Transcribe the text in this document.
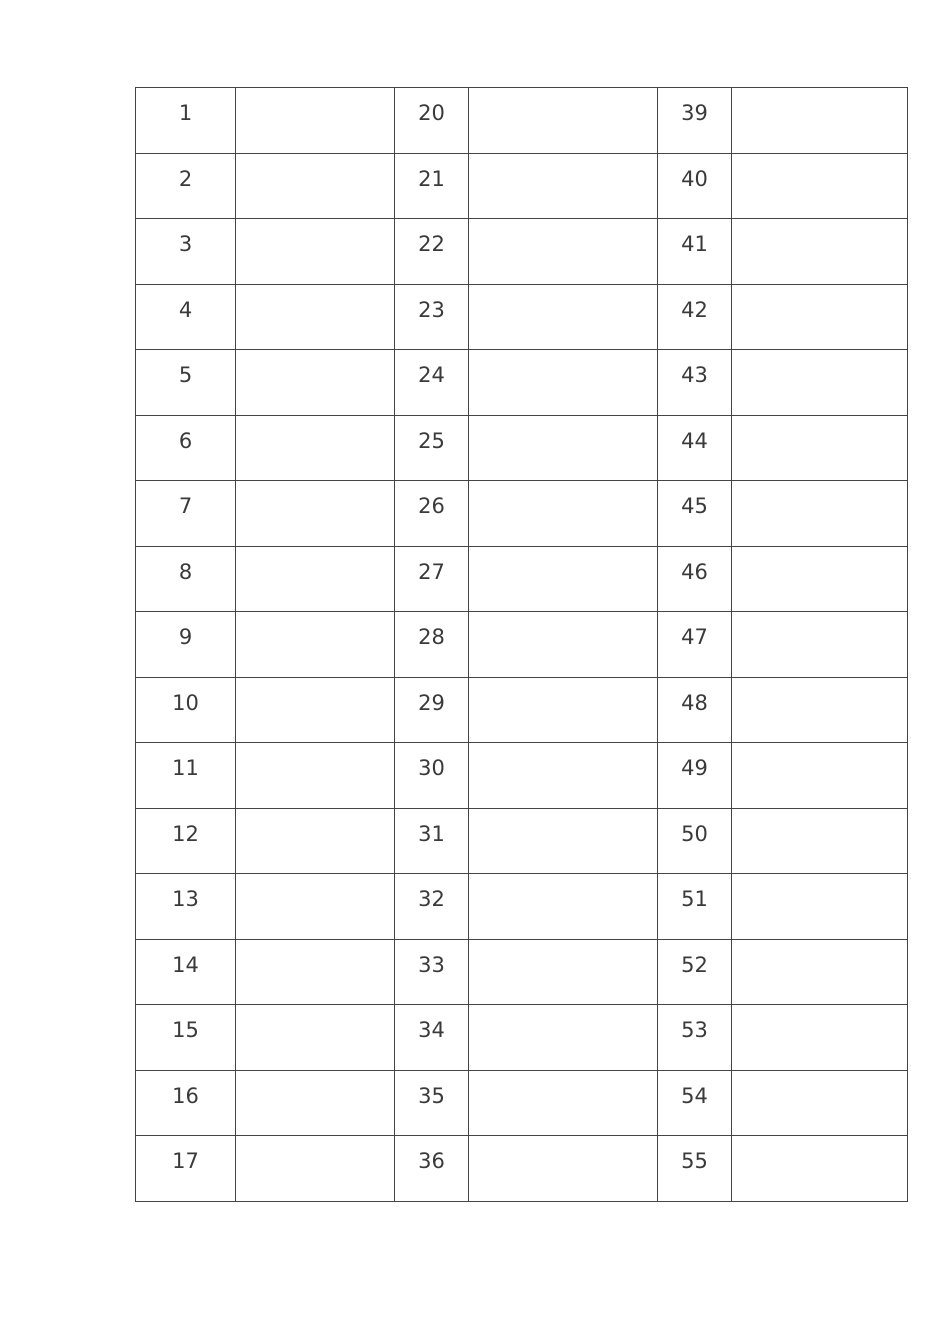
1		20		39	
2		21		40	
3		22		41	
4		23		42	
5		24		43	
6		25		44	
7		26		45	
8		27		46	
9		28		47	
10		29		48	
11		30		49	
12		31		50	
13		32		51	
14		33		52	
15		34		53	
16		35		54	
17		36		55	
